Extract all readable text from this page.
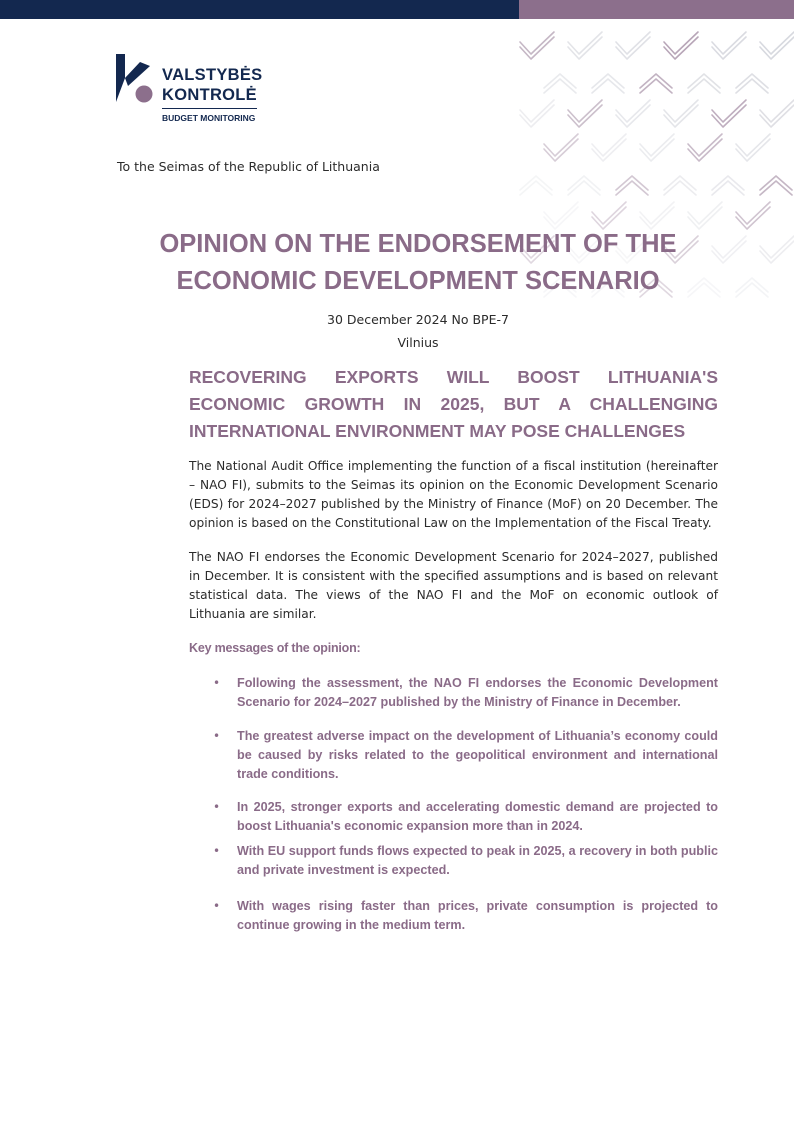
VALSTYBĖS
KONTROLĖ
BUDGET MONITORING
To the Seimas of the Republic of Lithuania
OPINION ON THE ENDORSEMENT OF THE
ECONOMIC DEVELOPMENT SCENARIO
30 December 2024 No BPE-7
Vilnius
RECOVERING EXPORTS WILL BOOST LITHUANIA'S ECONOMIC GROWTH IN 2025, BUT A CHALLENGING INTERNATIONAL ENVIRONMENT MAY POSE CHALLENGES

The National Audit Office implementing the function of a fiscal institution (hereinafter – NAO FI), submits to the Seimas its opinion on the Economic Development Scenario (EDS) for 2024–2027 published by the Ministry of Finance (MoF) on 20 December. The opinion is based on the Constitutional Law on the Implementation of the Fiscal Treaty.

The NAO FI endorses the Economic Development Scenario for 2024–2027, published in December. It is consistent with the specified assumptions and is based on relevant statistical data. The views of the NAO FI and the MoF on economic outlook of Lithuania are similar.

Key messages of the opinion:
•	Following the assessment, the NAO FI endorses the Economic Development Scenario for 2024–2027 published by the Ministry of Finance in December.
•	The greatest adverse impact on the development of Lithuania’s economy could be caused by risks related to the geopolitical environment and international trade conditions.
•	In 2025, stronger exports and accelerating domestic demand are projected to boost Lithuania's economic expansion more than in 2024.
•	With EU support funds flows expected to peak in 2025, a recovery in both public and private investment is expected.
•	With wages rising faster than prices, private consumption is projected to continue growing in the medium term.
